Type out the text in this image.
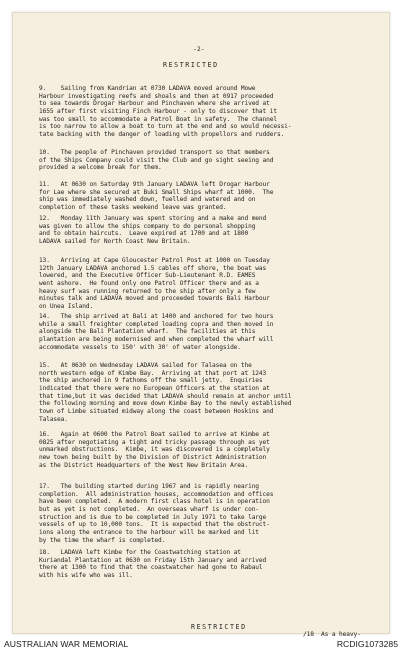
-2-
RESTRICTED
9.    Sailing from Kandrian at 0730 LADAVA moved around Mowe
Harbour investigating reefs and shoals and then at 0917 proceeded
to sea towards Drogar Harbour and Pinchaven where she arrived at
1655 after first visiting Finch Harbour - only to discover that it
was too small to accommodate a Patrol Boat in safety.  The channel
is too narrow to allow a boat to turn at the end and so would necessi-
tate backing with the danger of loading with propellors and rudders.
10.   The people of Pinchaven provided transport so that members
of the Ships Company could visit the Club and go sight seeing and
provided a welcome break for them.
11.   At 0630 on Saturday 9th January LADAVA left Drogar Harbour
for Lae where she secured at Buki Small Ships wharf at 1000.  The
ship was immediately washed down, fuelled and watered and on
completion of these tasks weekend leave was granted.
12.   Monday 11th January was spent storing and a make and mend
was given to allow the ships company to do personal shopping
and to obtain haircuts.  Leave expired at 1700 and at 1800
LADAVA sailed for North Coast New Britain.
13.   Arriving at Cape Gloucester Patrol Post at 1000 on Tuesday
12th January LADAVA anchored 1.5 cables off shore, the boat was
lowered, and the Executive Officer Sub-Lieutenant R.D. EAMES
went ashore.  He found only one Patrol Officer there and as a
heavy surf was running returned to the ship after only a few
minutes talk and LADAVA moved and proceeded towards Bali Harbour
on Unea Island.
14.   The ship arrived at Bali at 1400 and anchored for two hours
while a small freighter completed loading copra and then moved in
alongside the Bali Plantation wharf.  The facilities at this
plantation are being modernised and when completed the wharf will
accommodate vessels to 150' with 30' of water alongside.
15.   At 0630 on Wednesday LADAVA sailed for Talasea on the
north western edge of Kimbe Bay.  Arriving at that port at 1243
the ship anchored in 9 fathoms off the small jetty.  Enquiries
indicated that there were no European Officers at the station at
that time,but it was decided that LADAVA should remain at anchor until
the following morning and move down Kimbe Bay to the newly established
town of Limbe situated midway along the coast between Hoskins and
Talasea.
16.   Again at 0600 the Patrol Boat sailed to arrive at Kimbe at
0825 after negotiating a tight and tricky passage through as yet
unmarked obstructions.  Kimbe, it was discovered is a completely
new town being built by the Division of District Administration
as the District Headquarters of the West New Britain Area.
17.   The building started during 1967 and is rapidly nearing
completion.  All administration houses, accommodation and offices
have been completed.  A modern first class hotel is in operation
but as yet is not completed.  An overseas wharf is under con-
struction and is due to be completed in July 1971 to take large
vessels of up to 10,000 tons.  It is expected that the obstruct-
ions along the entrance to the harbour will be marked and lit
by the time the wharf is completed.
18.   LADAVA left Kimbe for the Coastwatching station at
Kuriandal Plantation at 0630 on Friday 15th January and arrived
there at 1300 to find that the coastwatcher had gone to Rabaul
with his wife who was ill.
RESTRICTED
/18  As a heavy-
AUSTRALIAN WAR MEMORIAL	RCDIG1073285
